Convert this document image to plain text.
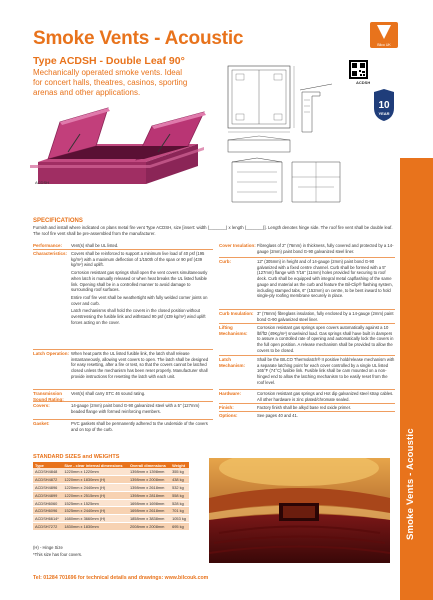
Smoke Vents - Acoustic
Type ACDSH - Double Leaf 90°
Mechanically operated smoke vents. Ideal for concert halls, theatres, casinos, sporting arenas and other applications.
Bilco UK
10
YEAR
ACDSH
ACDSH
Smoke Vents - Acoustic
SPECIFICATIONS
Furnish and install where indicated on plans metal fire vent Type ACDSH, size [insert: width (_______) x length (_______)]. Length denotes hinge side. The roof fire vent shall be double leaf. The roof fire vent shall be pre-assembled from the manufacturer.
Performance:	Vent(s) shall be UL listed.

Characteristics: Covers shall be reinforced to support a minimum live load of 40 psf (195 kg/m²) with a maximum deflection of 1/150th of the span or 90 psf (439 kg/m²) wind uplift.

Corrosion resistant gas springs shall open the vent covers simultaneously when latch is manually released or when heat breaks the UL listed fusible link. Opening shall be in a controlled manner to avoid damage to surrounding roof surfaces.

Entire roof fire vent shall be weathertight with fully welded corner joints on cover and curb.

Latch mechanisms shall hold the covers in the closed position without overstressing the fusible link and withstand 90 psf (439 kg/m²) wind uplift forces acting on the cover.

Latch Operation: When heat parts the UL listed fusible link, the latch shall release instantaneously, allowing vent covers to open. The latch shall be designed for easy resetting, after a fire or test, so that the covers cannot be latched closed unless the mechanism has been reset properly. Manufacturer shall provide instructions for resetting the latch with each unit.

Transmission Sound Rating:

Vent(s) shall carry STC 46 sound rating.

Covers:	14-gauge (2mm) paint bond G-90 galvanized steel with a 5" (127mm) beaded flange with formed reinforcing members.

Gasket:	PVC gaskets shall be permanently adhered to the underside of the covers and on top of the curb.

Cover Insulation: Fibreglass of 2" (76mm) in thickness, fully covered and protected by a 14-gauge (2mm) paint bond G-90 galvanized steel liner.

Curb:	12" (305mm) in height and of 14-gauge (2mm) paint bond G-90 galvanized with a fixed centre channel. Curb shall be formed with a 5" (127mm) flange with 7/16" (11mm) holes provided for securing to roof deck. Curb shall be equipped with integral metal capflashing of the same gauge and material as the curb and feature the Bil-Clip® flashing system, including stamped tabs, 6" (152mm) on centre, to be bent inward to hold single-ply roofing membrane securely in place.

Curb Insulation: 3" (76mm) fibreglass insulation, fully enclosed by a 14-gauge (2mm) paint bond G-90 galvanized steel liner.

Lifting Mechanisms:

Corrosion resistant gas springs open covers automatically against a 10 lbf/ft2 (49Kg/m²) snow/wind load. Gas springs shall have built in dampers to assure a controlled rate of opening and automatically lock the covers in the full open position. A release mechanism shall be provided to allow the covers to be closed.

Latch Mechanism:

Shall be the BILCO Thermolatch® II positive hold/release mechanism with a separate latching point for each cover controlled by a single UL listed 165°F (74°C) fusible link. Fusible link shall be cam mounted on a non-hinged end to allow the latching mechanism to be easily reset from the roof level.

Hardware:	Corrosion resistant gas springs and Hot dip galvanized steel strap cables. All other hardware is zinc plated/chromate sealed.

Finish:	Factory finish shall be alkyd base red oxide primer.

Options:	See pages 40 and 41.

STANDARD SIZES and WEIGHTS
Type	Size - clear internal dimensions	Overall dimensions	Weight
ACDSH4848	1220mm x 1220mm	1398mm x 1398mm	355 kg
ACDSH4872	1220mm x 1830mm (H)	1398mm x 2008mm	438 kg
ACDSH4896	1220mm x 2440mm (H)	1398mm x 2618mm	532 kg
ACDSH4899	1220mm x 2515mm (H)	1398mm x 2818mm	558 kg
ACDSH6060	1525mm x 1525mm	1698mm x 1698mm	528 kg
ACDSH6096	1525mm x 2440mm (H)	1698mm x 2618mm	701 kg
ACDSH6614*	1680mm x 3660mm (H)	1858mm x 3838mm	1053 kg
ACDSH7272	1830mm x 1830mm	2008mm x 2008mm	695 kg
(H) - Hinge Size
*This size has four covers.
Tel: 01284 701696 for technical details and drawings: www.bilcouk.com
